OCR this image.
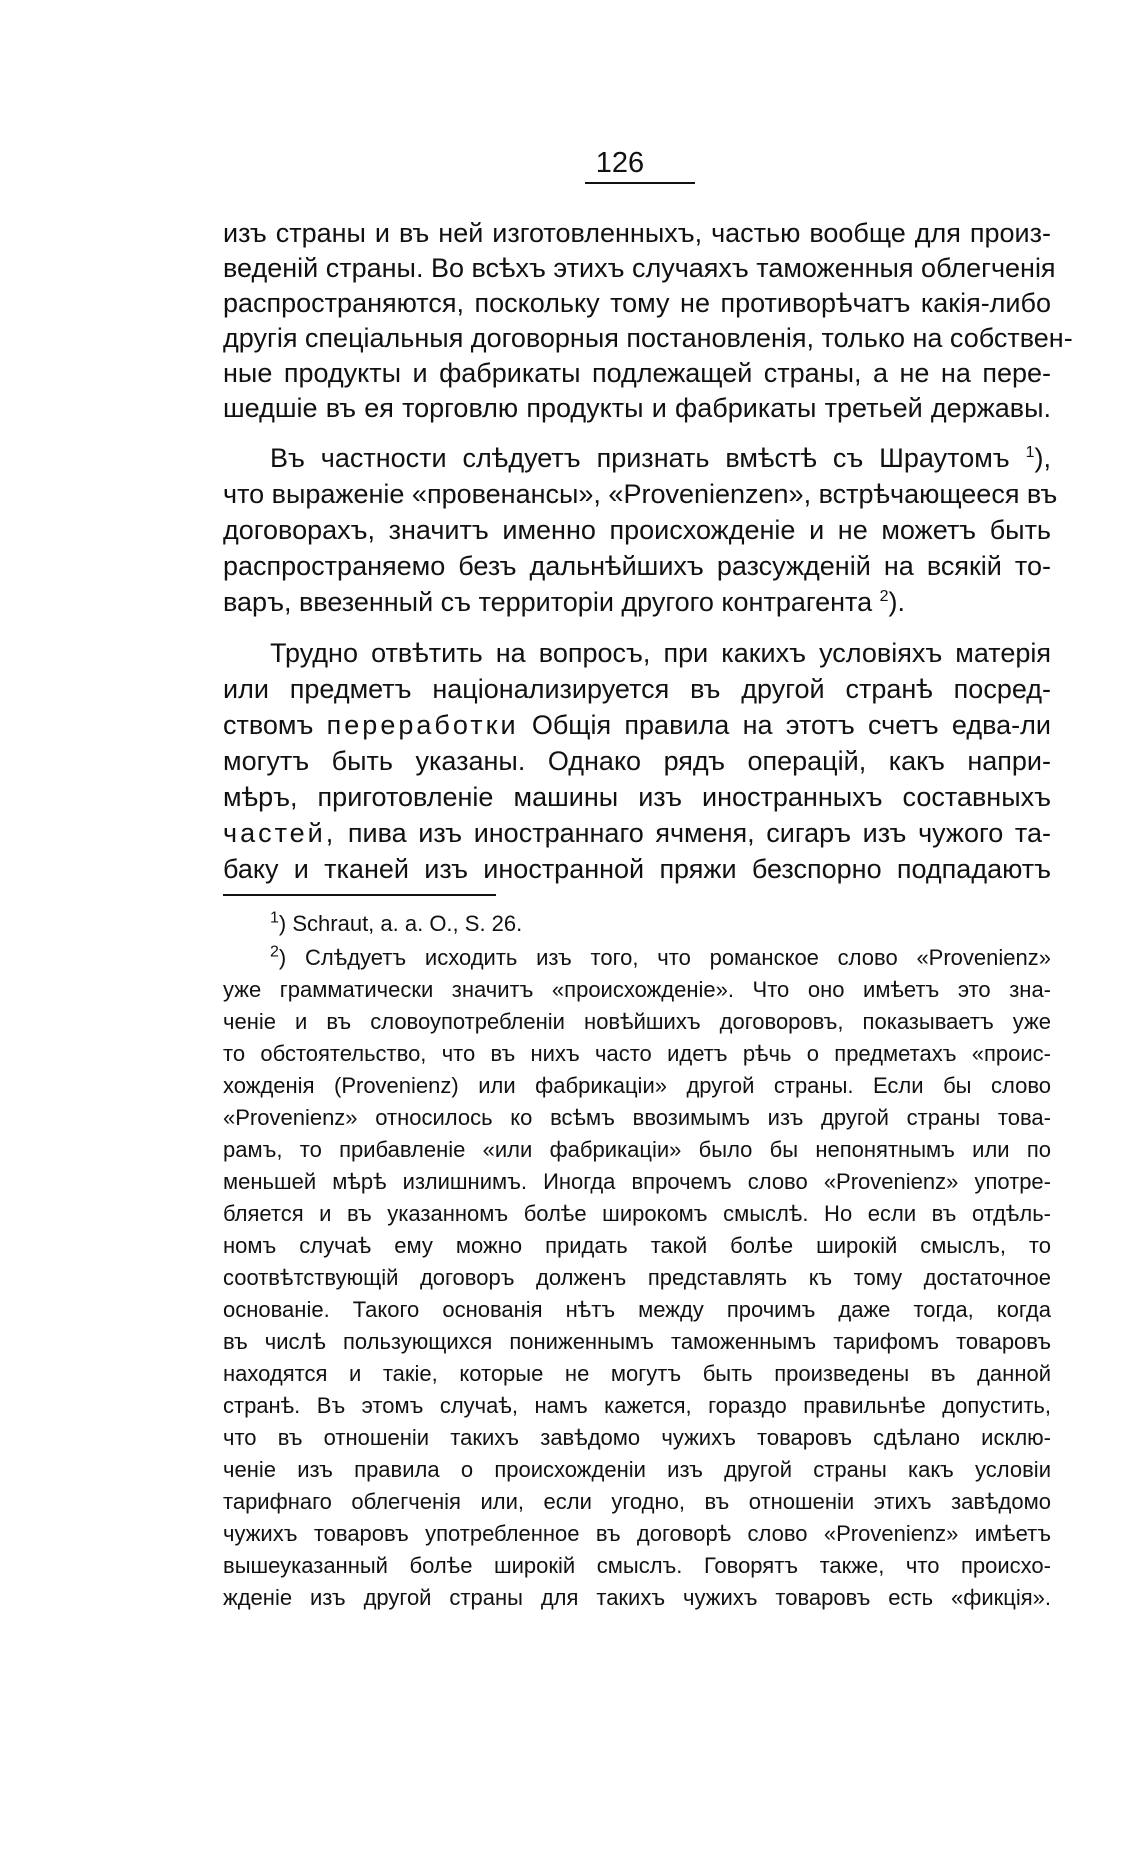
126
изъ страны и въ ней изготовленныхъ, частью вообще для произ-
веденій страны. Во всѣхъ этихъ случаяхъ таможенныя облегченія
распространяются, поскольку тому не противорѣчатъ какія-либо
другія спеціальныя договорныя постановленія, только на собствен-
ные продукты и фабрикаты подлежащей страны, а не на пере-
шедшіе въ ея торговлю продукты и фабрикаты третьей державы.
Въ частности слѣдуетъ признать вмѣстѣ съ Шраутомъ $^1$),
что выраженіе «провенансы», «Provenienzen», встрѣчающееся въ
договорахъ, значитъ именно происхожденіе и не можетъ быть
распространяемо безъ дальнѣйшихъ разсужденій на всякій то-
варъ, ввезенный съ территоріи другого контрагента $^2$).
Трудно отвѣтить на вопросъ, при какихъ условіяхъ матерія
или предметъ націонализируется въ другой странѣ посред-
ствомъ переработки Общія правила на этотъ счетъ едва-ли
могутъ быть указаны. Однако рядъ операцій, какъ напри-
мѣръ, приготовленіе машины изъ иностранныхъ составныхъ
частей, пива изъ иностраннаго ячменя, сигаръ изъ чужого та-
баку и тканей изъ иностранной пряжи безспорно подпадаютъ
$^1$) Schraut, a. a. O., S. 26.
$^2$) Слѣдуетъ исходить изъ того, что романское слово «Provenienz»
уже грамматически значитъ «происхожденіе». Что оно имѣетъ это зна-
ченіе и въ словоупотребленіи новѣйшихъ договоровъ, показываетъ уже
то обстоятельство, что въ нихъ часто идетъ рѣчь о предметахъ «проис-
хожденія (Provenienz) или фабрикаціи» другой страны. Если бы слово
«Provenienz» относилось ко всѣмъ ввозимымъ изъ другой страны това-
рамъ, то прибавленіе «или фабрикаціи» было бы непонятнымъ или по
меньшей мѣрѣ излишнимъ. Иногда впрочемъ слово «Provenienz» употре-
бляется и въ указанномъ болѣе широкомъ смыслѣ. Но если въ отдѣль-
номъ случаѣ ему можно придать такой болѣе широкій смыслъ, то
соотвѣтствующій договоръ долженъ представлять къ тому достаточное
основаніе. Такого основанія нѣтъ между прочимъ даже тогда, когда
въ числѣ пользующихся пониженнымъ таможеннымъ тарифомъ товаровъ
находятся и такіе, которые не могутъ быть произведены въ данной
странѣ. Въ этомъ случаѣ, намъ кажется, гораздо правильнѣе допустить,
что въ отношеніи такихъ завѣдомо чужихъ товаровъ сдѣлано исклю-
ченіе изъ правила о происхожденіи изъ другой страны какъ условіи
тарифнаго облегченія или, если угодно, въ отношеніи этихъ завѣдомо
чужихъ товаровъ употребленное въ договорѣ слово «Provenienz» имѣетъ
вышеуказанный болѣе широкій смыслъ. Говорятъ также, что происхо-
жденіе изъ другой страны для такихъ чужихъ товаровъ есть «фикція».
